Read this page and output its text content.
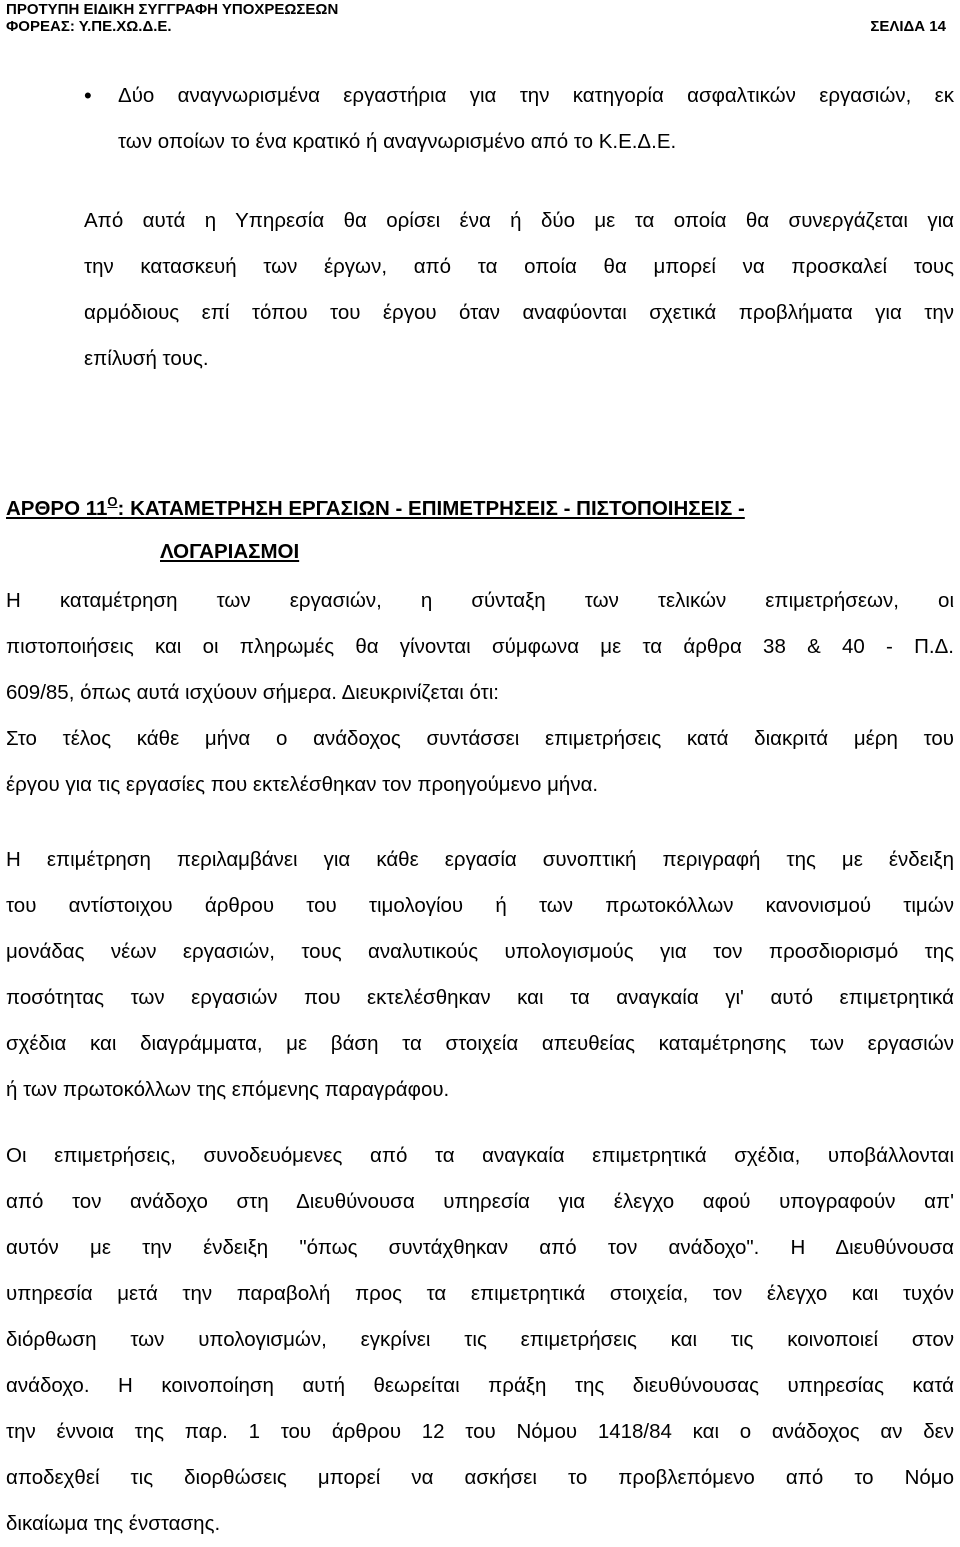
ΠΡΟΤΥΠΗ ΕΙΔΙΚΗ ΣΥΓΓΡΑΦΗ ΥΠΟΧΡΕΩΣΕΩΝ
ΦΟΡΕΑΣ: Υ.ΠΕ.ΧΩ.Δ.Ε.	ΣΕΛΙΔΑ 14
• Δύο αναγνωρισμένα εργαστήρια για την κατηγορία ασφαλτικών εργασιών, εκ
των οποίων το ένα κρατικό ή αναγνωρισμένο από το Κ.Ε.Δ.Ε.
Από αυτά η Υπηρεσία θα ορίσει ένα ή δύο με τα οποία θα συνεργάζεται για
την κατασκευή των έργων, από τα οποία θα μπορεί να προσκαλεί τους
αρμόδιους επί τόπου του έργου όταν αναφύονται σχετικά προβλήματα για την
επίλυσή τους.
ΑΡΘΡΟ $11^O$: ΚΑΤΑΜΕΤΡΗΣΗ ΕΡΓΑΣΙΩΝ - ΕΠΙΜΕΤΡΗΣΕΙΣ - ΠΙΣΤΟΠΟΙΗΣΕΙΣ -
ΛΟΓΑΡΙΑΣΜΟΙ
Η καταμέτρηση των εργασιών, η σύνταξη των τελικών επιμετρήσεων, οι
πιστοποιήσεις και οι πληρωμές θα γίνονται σύμφωνα με τα άρθρα 38 & 40 - Π.Δ.
609/85, όπως αυτά ισχύουν σήμερα. Διευκρινίζεται ότι:
Στο τέλος κάθε μήνα ο ανάδοχος συντάσσει επιμετρήσεις κατά διακριτά μέρη του
έργου για τις εργασίες που εκτελέσθηκαν τον προηγούμενο μήνα.
Η επιμέτρηση περιλαμβάνει για κάθε εργασία συνοπτική περιγραφή της με ένδειξη
του αντίστοιχου άρθρου του τιμολογίου ή των πρωτοκόλλων κανονισμού τιμών
μονάδας νέων εργασιών, τους αναλυτικούς υπολογισμούς για τον προσδιορισμό της
ποσότητας των εργασιών που εκτελέσθηκαν και τα αναγκαία γι' αυτό επιμετρητικά
σχέδια και διαγράμματα, με βάση τα στοιχεία απευθείας καταμέτρησης των εργασιών
ή των πρωτοκόλλων της επόμενης παραγράφου.
Οι επιμετρήσεις, συνοδευόμενες από τα αναγκαία επιμετρητικά σχέδια, υποβάλλονται
από τον ανάδοχο στη Διευθύνουσα υπηρεσία για έλεγχο αφού υπογραφούν απ'
αυτόν με την ένδειξη "όπως συντάχθηκαν από τον ανάδοχο". Η Διευθύνουσα
υπηρεσία μετά την παραβολή προς τα επιμετρητικά στοιχεία, τον έλεγχο και τυχόν
διόρθωση των υπολογισμών, εγκρίνει τις επιμετρήσεις και τις κοινοποιεί στον
ανάδοχο. Η κοινοποίηση αυτή θεωρείται πράξη της διευθύνουσας υπηρεσίας κατά
την έννοια της παρ. 1 του άρθρου 12 του Νόμου 1418/84 και ο ανάδοχος αν δεν
αποδεχθεί τις διορθώσεις μπορεί να ασκήσει το προβλεπόμενο από το Νόμο
δικαίωμα της ένστασης.
